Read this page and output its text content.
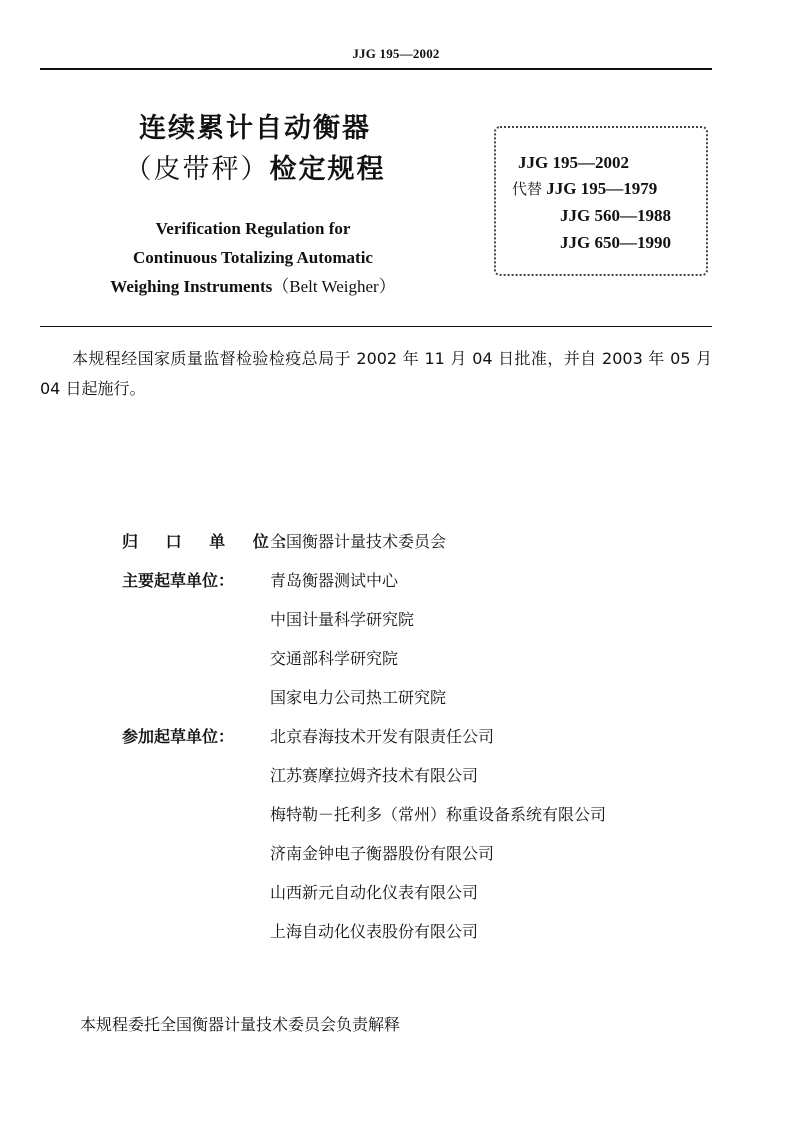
JJG 195—2002
连续累计自动衡器
（皮带秤）检定规程
Verification Regulation for
Continuous Totalizing Automatic
Weighing Instruments（Belt Weigher）
JJG 195—2002
代替 JJG 195—1979
JJG 560—1988
JJG 650—1990
本规程经国家质量监督检验检疫总局于 2002 年 11 月 04 日批准，并自 2003 年 05 月 04 日起施行。
归 口 单 位：
全国衡器计量技术委员会
主要起草单位：	青岛衡器测试中心
中国计量科学研究院
交通部科学研究院
国家电力公司热工研究院
参加起草单位：	北京春海技术开发有限责任公司
江苏赛摩拉姆齐技术有限公司
梅特勒－托利多（常州）称重设备系统有限公司
济南金钟电子衡器股份有限公司
山西新元自动化仪表有限公司
上海自动化仪表股份有限公司
本规程委托全国衡器计量技术委员会负责解释
